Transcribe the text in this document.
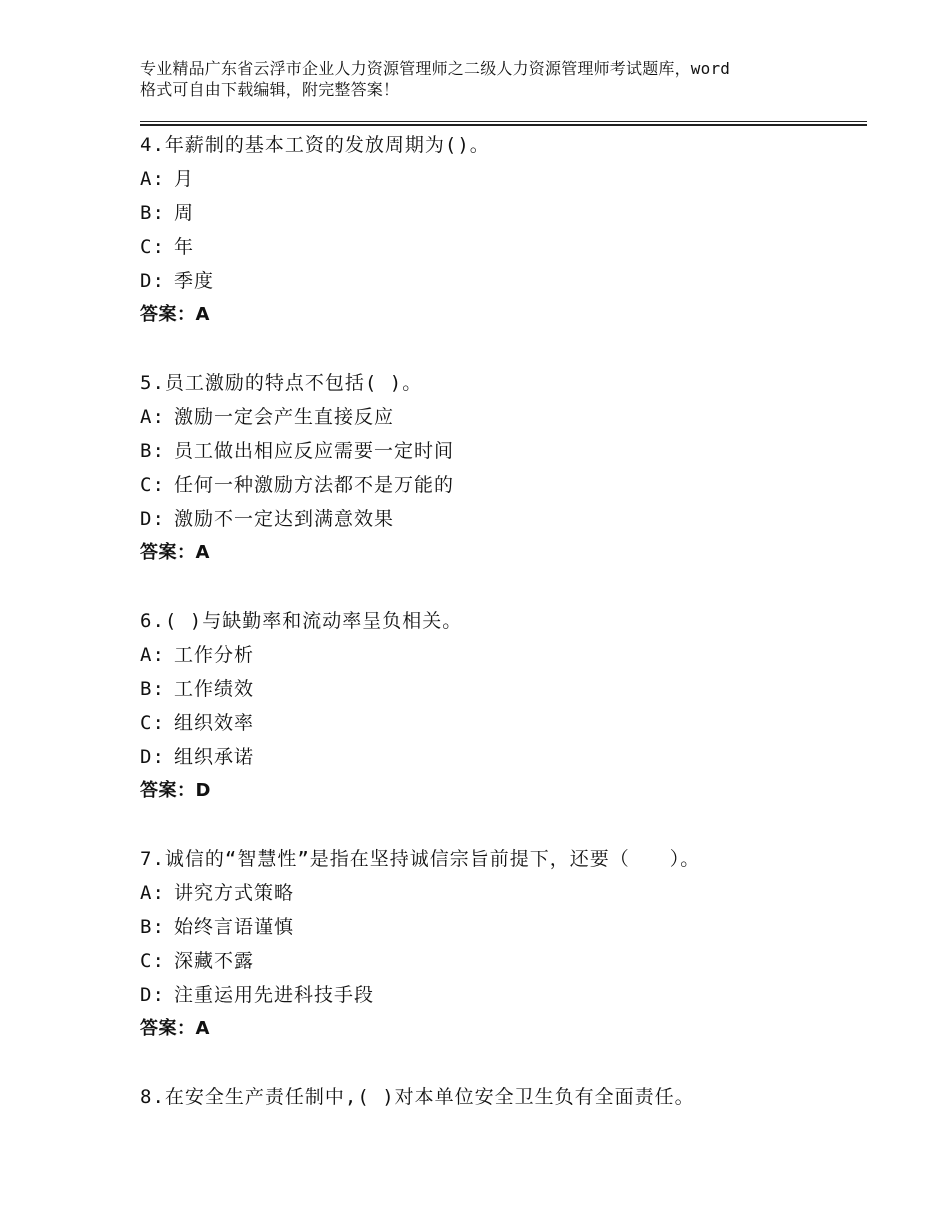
专业精品广东省云浮市企业人力资源管理师之二级人力资源管理师考试题库，word
格式可自由下载编辑，附完整答案！
4.年薪制的基本工资的发放周期为()。
A: 月
B: 周
C: 年
D: 季度
答案：A
5.员工激励的特点不包括( )。
A: 激励一定会产生直接反应
B: 员工做出相应反应需要一定时间
C: 任何一种激励方法都不是万能的
D: 激励不一定达到满意效果
答案：A
6.( )与缺勤率和流动率呈负相关。
A: 工作分析
B: 工作绩效
C: 组织效率
D: 组织承诺
答案：D
7.诚信的“智慧性”是指在坚持诚信宗旨前提下，还要（　　）。
A: 讲究方式策略
B: 始终言语谨慎
C: 深藏不露
D: 注重运用先进科技手段
答案：A
8.在安全生产责任制中,( )对本单位安全卫生负有全面责任。
